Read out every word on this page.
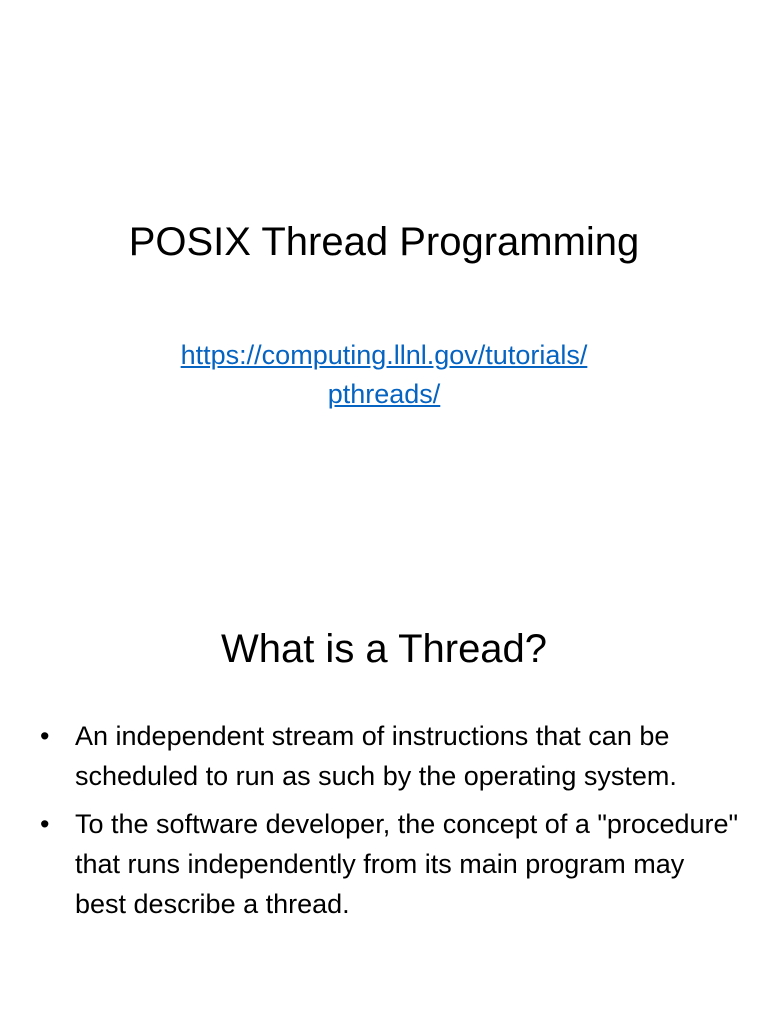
POSIX Thread Programming
https://computing.llnl.gov/tutorials/
pthreads/
What is a Thread?
• An independent stream of instructions that can be scheduled to run as such by the operating system.
• To the software developer, the concept of a "procedure" that runs independently from its main program may best describe a thread.
